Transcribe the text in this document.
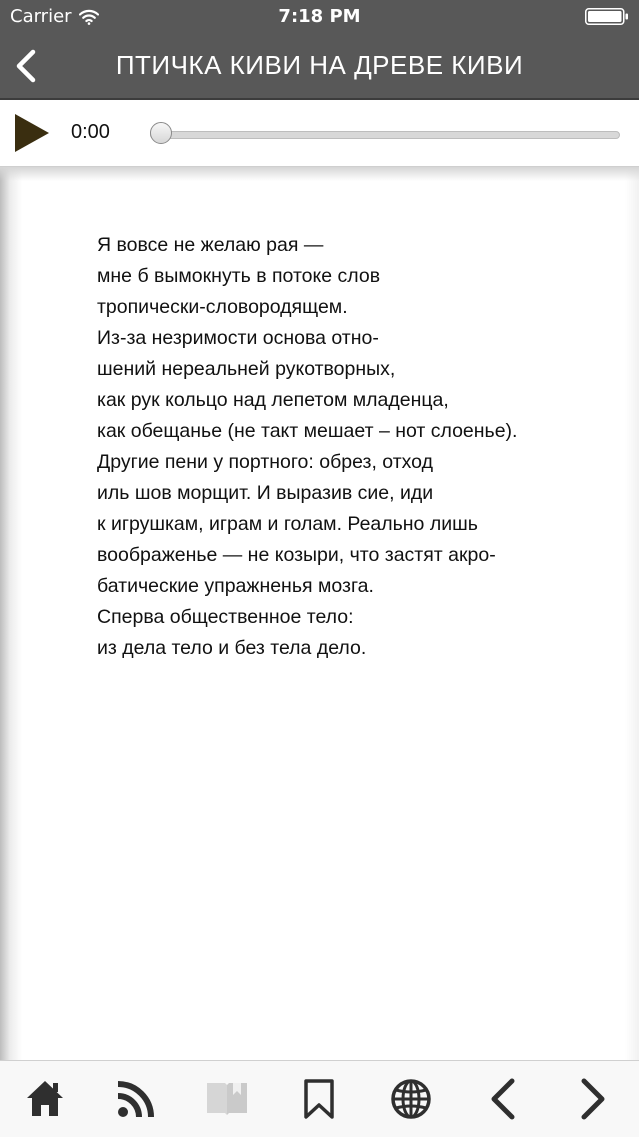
Carrier	7:18 PM
ПТИЧКА КИВИ НА ДРЕВЕ КИВИ
0:00
Я вовсе не желаю рая —
мне б вымокнуть в потоке слов
тропически-словородящем.
Из-за незримости основа отно-
шений нереальней рукотворных,
как рук кольцо над лепетом младенца,
как обещанье (не такт мешает – нот слоенье).
Другие пени у портного: обрез, отход
иль шов морщит. И выразив сие, иди
к игрушкам, играм и голам. Реально лишь
воображенье — не козыри, что застят акро-
батические упражненья мозга.
Сперва общественное тело:
из дела тело и без тела дело.
